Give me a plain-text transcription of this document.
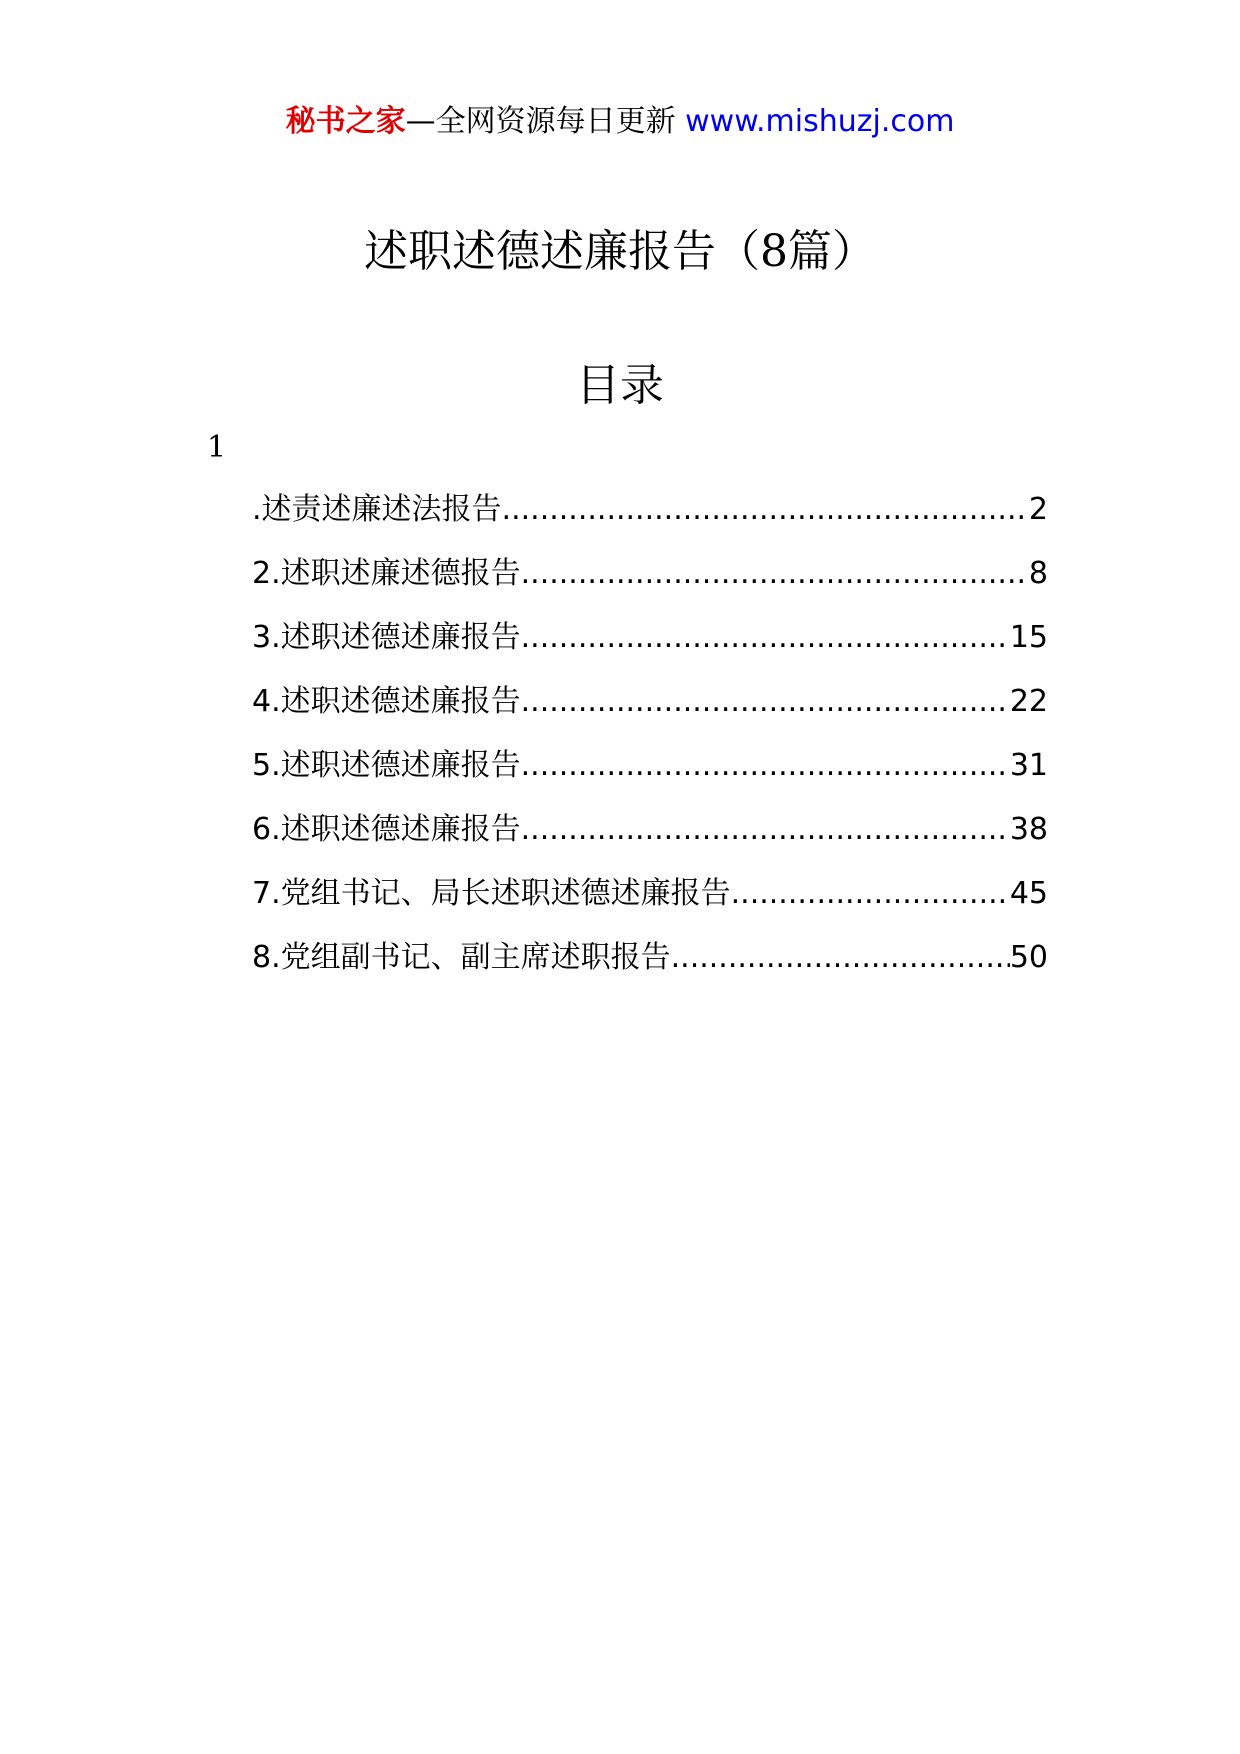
秘书之家—全网资源每日更新 www.mishuzj.com
述职述德述廉报告（8篇）
目录
1
.述责述廉述法报告 .....	2
2.述职述廉述德报告 .....	8
3.述职述德述廉报告 .....	15
4.述职述德述廉报告 .....	22
5.述职述德述廉报告 .....	31
6.述职述德述廉报告 .....	38
7.党组书记、局长述职述德述廉报告 .....	45
8.党组副书记、副主席述职报告 .....	50
